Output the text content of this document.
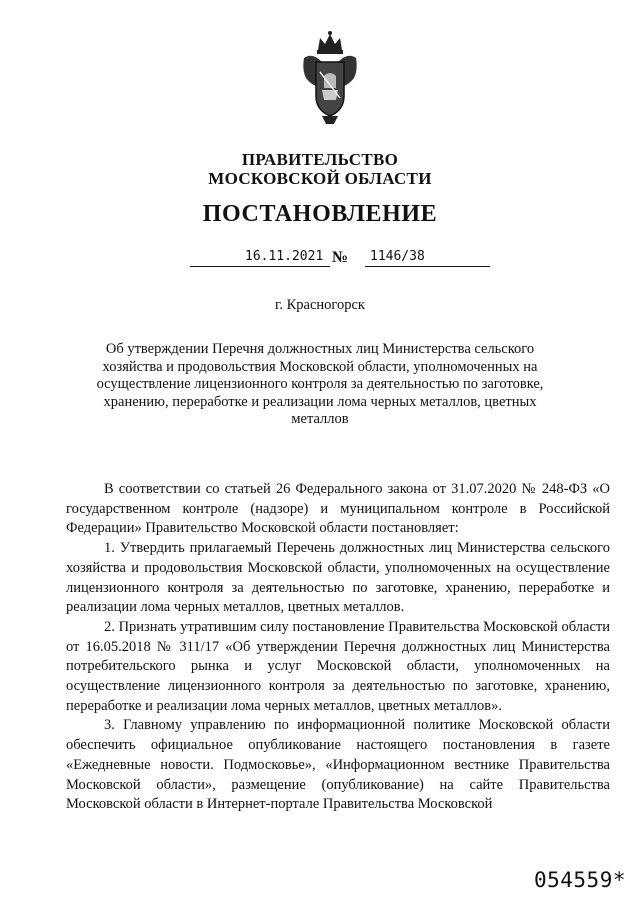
ПРАВИТЕЛЬСТВО
МОСКОВСКОЙ ОБЛАСТИ
ПОСТАНОВЛЕНИЕ
16.11.2021 № 1146/38
г. Красногорск
Об утверждении Перечня должностных лиц Министерства сельского хозяйства и продовольствия Московской области, уполномоченных на осуществление лицензионного контроля за деятельностью по заготовке, хранению, переработке и реализации лома черных металлов, цветных металлов

В соответствии со статьей 26 Федерального закона от 31.07.2020 № 248-ФЗ «О государственном контроле (надзоре) и муниципальном контроле в Российской Федерации» Правительство Московской области постановляет:

1. Утвердить прилагаемый Перечень должностных лиц Министерства сельского хозяйства и продовольствия Московской области, уполномоченных на осуществление лицензионного контроля за деятельностью по заготовке, хранению, переработке и реализации лома черных металлов, цветных металлов.

2. Признать утратившим силу постановление Правительства Московской области от 16.05.2018 № 311/17 «Об утверждении Перечня должностных лиц Министерства потребительского рынка и услуг Московской области, уполномоченных на осуществление лицензионного контроля за деятельностью по заготовке, хранению, переработке и реализации лома черных металлов, цветных металлов».

3. Главному управлению по информационной политике Московской области обеспечить официальное опубликование настоящего постановления в газете «Ежедневные новости. Подмосковье», «Информационном вестнике Правительства Московской области», размещение (опубликование) на сайте Правительства Московской области в Интернет-портале Правительства Московской

054559*
